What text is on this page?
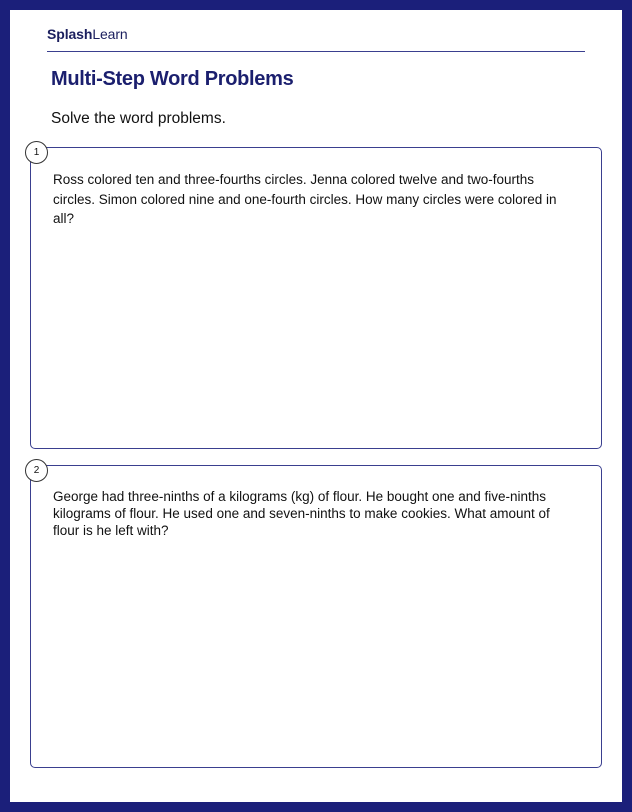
SplashLearn
Multi-Step Word Problems
Solve the word problems.
Ross colored ten and three-fourths circles. Jenna colored twelve and two-fourths circles. Simon colored nine and one-fourth circles. How many circles were colored in all?
1
George had three-ninths of a kilograms (kg) of flour. He bought one and five-ninths kilograms of flour. He used one and seven-ninths to make cookies. What amount of flour is he left with?
2
